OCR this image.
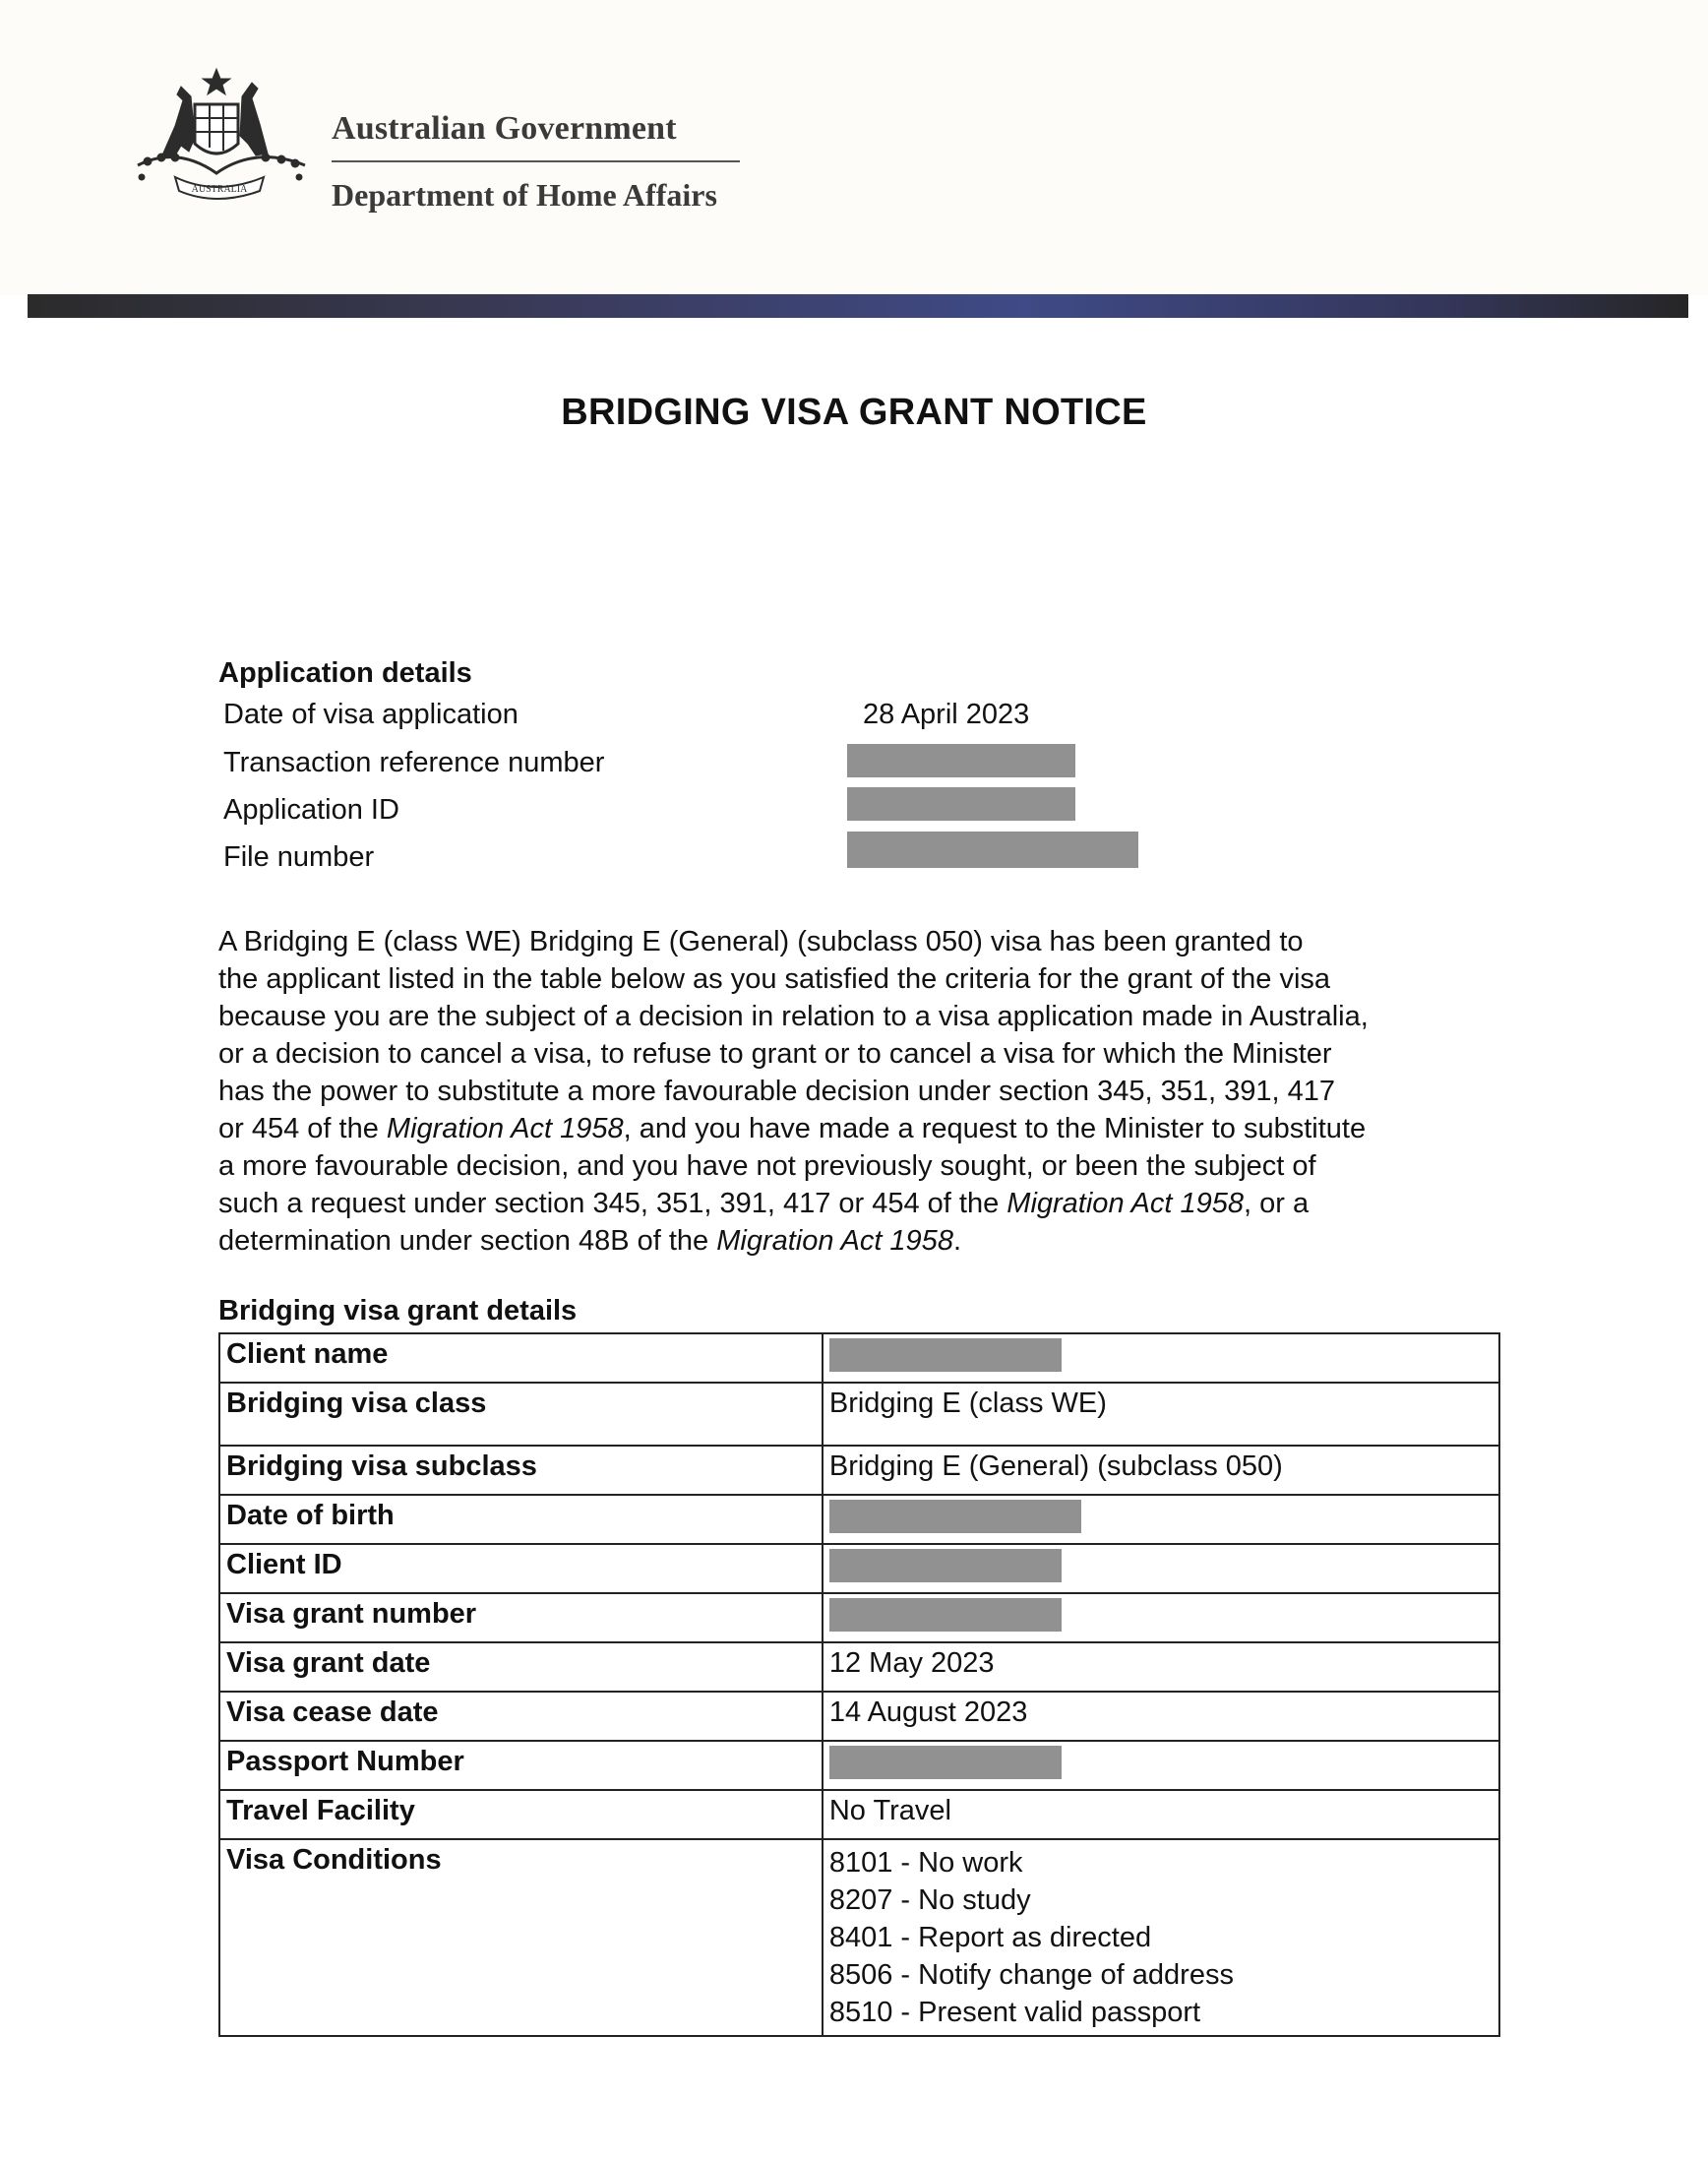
AUSTRALIA
Australian Government
Department of Home Affairs
BRIDGING VISA GRANT NOTICE
Application details
Date of visa application	28 April 2023
Transaction reference number
Application ID
File number
A Bridging E (class WE) Bridging E (General) (subclass 050) visa has been granted to
the applicant listed in the table below as you satisfied the criteria for the grant of the visa
because you are the subject of a decision in relation to a visa application made in Australia,
or a decision to cancel a visa, to refuse to grant or to cancel a visa for which the Minister
has the power to substitute a more favourable decision under section 345, 351, 391, 417
or 454 of the Migration Act 1958, and you have made a request to the Minister to substitute
a more favourable decision, and you have not previously sought, or been the subject of
such a request under section 345, 351, 391, 417 or 454 of the Migration Act 1958, or a
determination under section 48B of the Migration Act 1958.
Bridging visa grant details
Client name	
Bridging visa class	Bridging E (class WE)
Bridging visa subclass	Bridging E (General) (subclass 050)
Date of birth	
Client ID	
Visa grant number	
Visa grant date	12 May 2023
Visa cease date	14 August 2023
Passport Number	
Travel Facility	No Travel
Visa Conditions	8101 - No work
8207 - No study
8401 - Report as directed
8506 - Notify change of address
8510 - Present valid passport
